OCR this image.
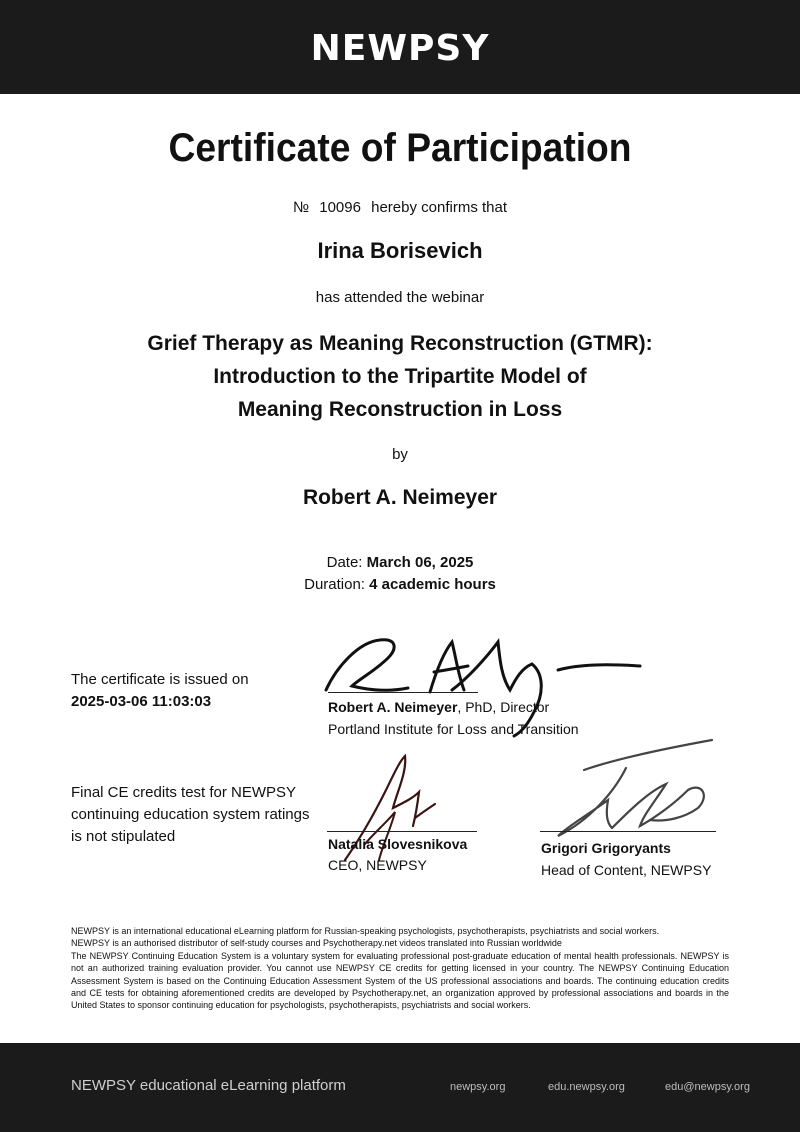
NEWPSY
Certificate of Participation
№ 10096 hereby confirms that
Irina Borisevich
has attended the webinar
Grief Therapy as Meaning Reconstruction (GTMR):
Introduction to the Tripartite Model of
Meaning Reconstruction in Loss
by
Robert A. Neimeyer
Date: March 06, 2025
Duration: 4 academic hours
The certificate is issued on
2025-03-06 11:03:03
Final CE credits test for NEWPSY
continuing education system ratings
is not stipulated
Robert A. Neimeyer, PhD, Director
Portland Institute for Loss and Transition
Natalia Slovesnikova
CEO, NEWPSY
Grigori Grigoryants
Head of Content, NEWPSY
NEWPSY is an international educational eLearning platform for Russian-speaking psychologists, psychotherapists, psychiatrists and social workers.
NEWPSY is an authorised distributor of self-study courses and Psychotherapy.net videos translated into Russian worldwide
The NEWPSY Continuing Education System is a voluntary system for evaluating professional post-graduate education of mental health professionals. NEWPSY is not an authorized training evaluation provider. You cannot use NEWPSY CE credits for getting licensed in your country. The NEWPSY Continuing Education Assessment System is based on the Continuing Education Assessment System of the US professional associations and boards. The continuing education credits and CE tests for obtaining aforementioned credits are developed by Psychotherapy.net, an organization approved by professional associations and boards in the United States to sponsor continuing education for psychologists, psychotherapists, psychiatrists and social workers.
NEWPSY educational eLearning platform	newpsy.org	edu.newpsy.org	edu@newpsy.org
